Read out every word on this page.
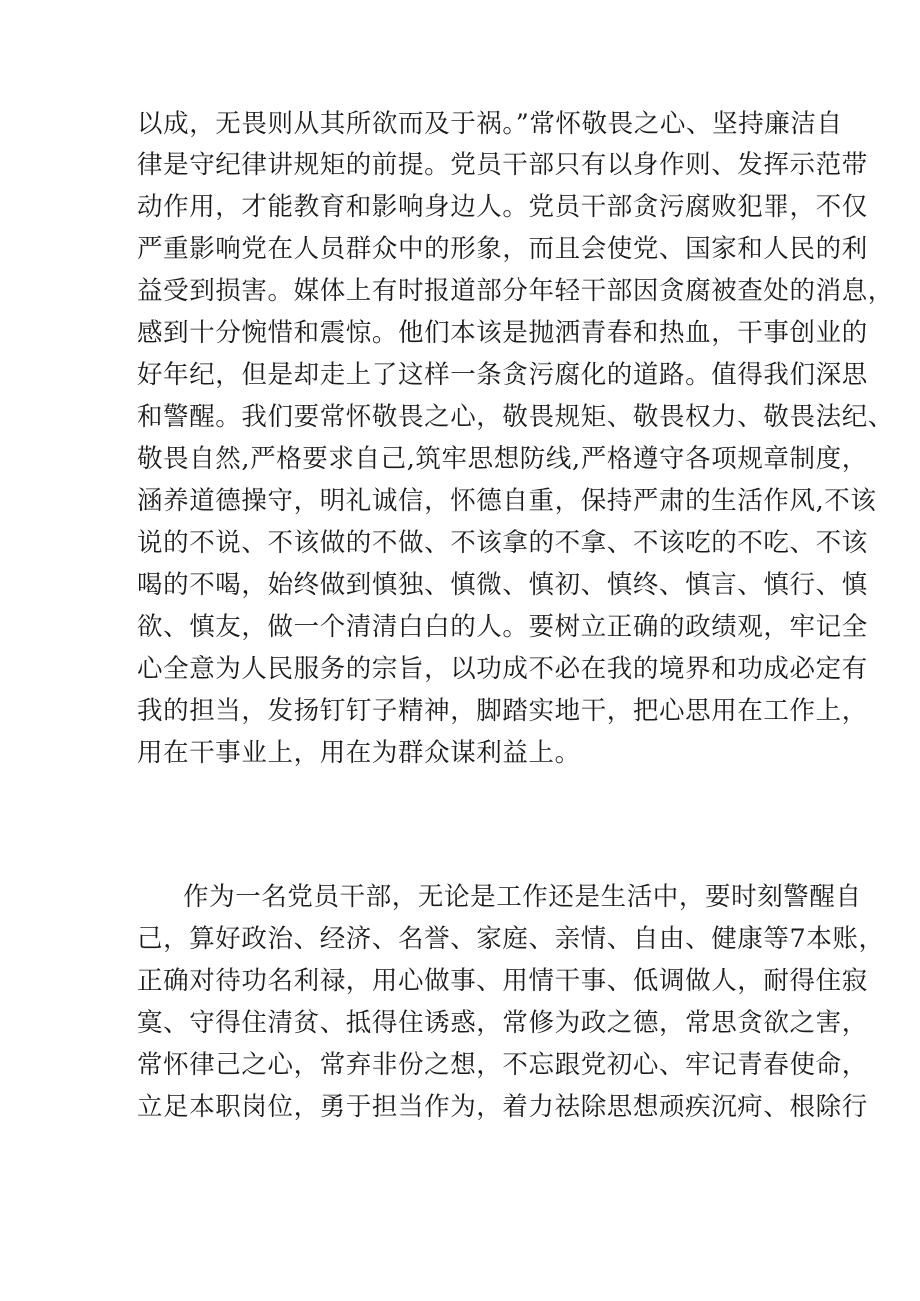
以成，无畏则从其所欲而及于祸。”常怀敬畏之心、坚持廉洁自
律是守纪律讲规矩的前提。党员干部只有以身作则、发挥示范带
动作用，才能教育和影响身边人。党员干部贪污腐败犯罪，不仅
严重影响党在人员群众中的形象，而且会使党、国家和人民的利
益受到损害。媒体上有时报道部分年轻干部因贪腐被查处的消息，
感到十分惋惜和震惊。他们本该是抛洒青春和热血，干事创业的
好年纪，但是却走上了这样一条贪污腐化的道路。值得我们深思
和警醒。我们要常怀敬畏之心，敬畏规矩、敬畏权力、敬畏法纪、
敬畏自然,严格要求自己,筑牢思想防线,严格遵守各项规章制度，
涵养道德操守，明礼诚信，怀德自重，保持严肃的生活作风,不该
说的不说、不该做的不做、不该拿的不拿、不该吃的不吃、不该
喝的不喝，始终做到慎独、慎微、慎初、慎终、慎言、慎行、慎
欲、慎友，做一个清清白白的人。要树立正确的政绩观，牢记全
心全意为人民服务的宗旨，以功成不必在我的境界和功成必定有
我的担当，发扬钉钉子精神，脚踏实地干，把心思用在工作上，
用在干事业上，用在为群众谋利益上。
作为一名党员干部，无论是工作还是生活中，要时刻警醒自
己，算好政治、经济、名誉、家庭、亲情、自由、健康等7本账，
正确对待功名利禄，用心做事、用情干事、低调做人，耐得住寂
寞、守得住清贫、抵得住诱惑，常修为政之德，常思贪欲之害，
常怀律己之心，常弃非份之想，不忘跟党初心、牢记青春使命，
立足本职岗位，勇于担当作为，着力祛除思想顽疾沉疴、根除行
